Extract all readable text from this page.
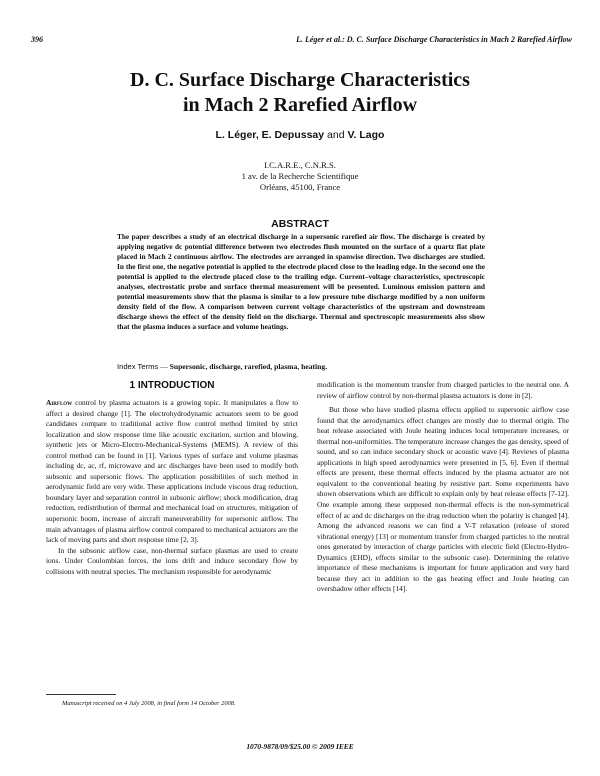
396	L. Léger et al.: D. C. Surface Discharge Characteristics in Mach 2 Rarefied Airflow
D. C. Surface Discharge Characteristics
in Mach 2 Rarefied Airflow
L. Léger, E. Depussay and V. Lago
I.C.A.R.E., C.N.R.S.
1 av. de la Recherche Scientifique
Orléans, 45100, France
ABSTRACT
The paper describes a study of an electrical discharge in a supersonic rarefied air flow. The discharge is created by applying negative dc potential difference between two electrodes flush mounted on the surface of a quartz flat plate placed in Mach 2 continuous airflow. The electrodes are arranged in spanwise direction. Two discharges are studied. In the first one, the negative potential is applied to the electrode placed close to the leading edge. In the second one the potential is applied to the electrode placed close to the trailing edge. Current–voltage characteristics, spectroscopic analyses, electrostatic probe and surface thermal measurement will be presented. Luminous emission pattern and potential measurements show that the plasma is similar to a low pressure tube discharge modified by a non uniform density field of the flow. A comparison between current voltage characteristics of the upstream and downstream discharge shows the effect of the density field on the discharge. Thermal and spectroscopic measurements also show that the plasma induces a surface and volume heatings.
Index Terms — Supersonic, discharge, rarefied, plasma, heating.
1 INTRODUCTION

Airflow control by plasma actuators is a growing topic. It manipulates a flow to affect a desired change [1]. The electrohydrodynamic actuators seem to be good candidates compare to traditional active flow control method limited by strict localization and slow response time like acoustic excitation, suction and blowing, synthetic jets or Micro-Electro-Mechanical-Systems (MEMS). A review of this control method can be found in [1]. Various types of surface and volume plasmas including dc, ac, rf, microwave and arc discharges have been used to modify both subsonic and supersonic flows. The application possibilities of such method in aerodynamic field are very wide. These applications include viscous drag reduction, boundary layer and separation control in subsonic airflow; shock modification, drag reduction, redistribution of thermal and mechanical load on structures, mitigation of supersonic boom, increase of aircraft maneuverability for supersonic airflow. The main advantages of plasma airflow control compared to mechanical actuators are the lack of moving parts and short response time [2, 3].

In the subsonic airflow case, non-thermal surface plasmas are used to create ions. Under Coulombian forces, the ions drift and induce secondary flow by collisions with neutral species. The mechanism responsible for aerodynamic

modification is the momentum transfer from charged particles to the neutral one. A review of airflow control by non-thermal plasma actuators is done in [2].

But those who have studied plasma effects applied to supersonic airflow case found that the aerodynamics effect changes are mostly due to thermal origin. The heat release associated with Joule heating induces local temperature increases, or thermal non-uniformities. The temperature increase changes the gas density, speed of sound, and so can induce secondary shock or acoustic wave [4]. Reviews of plasma applications in high speed aerodynamics were presented in [5, 6]. Even if thermal effects are present, these thermal effects induced by the plasma actuator are not equivalent to the conventional heating by resistive part. Some experiments have shown observations which are difficult to explain only by heat release effects [7-12]. One example among these supposed non-thermal effects is the non-symmetrical effect of ac and dc discharges on the drag reduction when the polarity is changed [4]. Among the advanced reasons we can find a V-T relaxation (release of stored vibrational energy) [13] or momentum transfer from charged particles to the neutral ones generated by interaction of charge particles with electric field (Electro-Hydro-Dynamics (EHD), effects similar to the subsonic case). Determining the relative importance of these mechanisms is important for future application and very hard because they act in addition to the gas heating effect and Joule heating can overshadow other effects [14].

Manuscript received on 4 July 2008, in final form 14 October 2008.
1070-9878/09/$25.00 © 2009 IEEE
